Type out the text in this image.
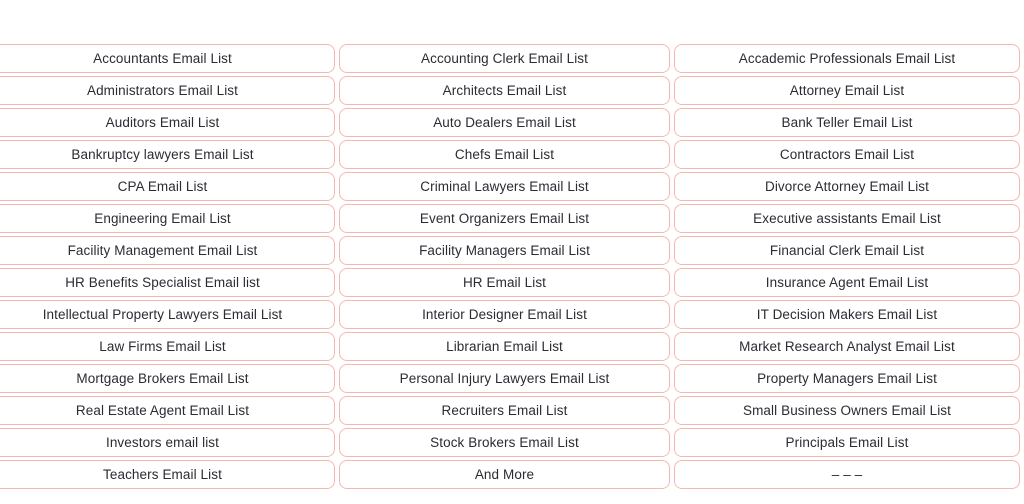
Accountants Email List	Accounting Clerk Email List	Accademic Professionals Email List
Administrators Email List	Architects Email List	Attorney Email List
Auditors Email List	Auto Dealers Email List	Bank Teller Email List
Bankruptcy lawyers Email List	Chefs Email List	Contractors Email List
CPA Email List	Criminal Lawyers Email List	Divorce Attorney Email List
Engineering Email List	Event Organizers Email List	Executive assistants Email List
Facility Management Email List	Facility Managers Email List	Financial Clerk Email List
HR Benefits Specialist Email list	HR Email List	Insurance Agent Email List
Intellectual Property Lawyers Email List	Interior Designer Email List	IT Decision Makers Email List
Law Firms Email List	Librarian Email List	Market Research Analyst Email List
Mortgage Brokers Email List	Personal Injury Lawyers Email List	Property Managers Email List
Real Estate Agent Email List	Recruiters Email List	Small Business Owners Email List
Investors email list	Stock Brokers Email List	Principals Email List
Teachers Email List	And More	– – –
